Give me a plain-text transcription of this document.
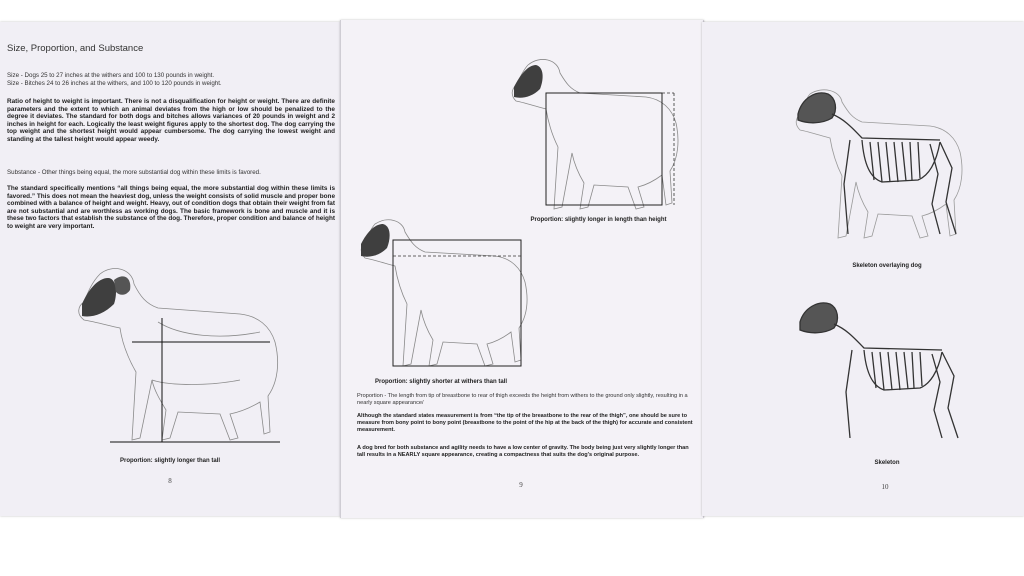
Size, Proportion, and Substance
Size - Dogs 25 to 27 inches at the withers and 100 to 130 pounds in weight.
Size - Bitches 24 to 26 inches at the withers, and 100 to 120 pounds in weight.
Ratio of height to weight is important. There is not a disqualification for height or weight. There are definite parameters and the extent to which an animal deviates from the high or low should be penalized to the degree it deviates. The standard for both dogs and bitches allows variances of 20 pounds in weight and 2 inches in height for each. Logically the least weight figures apply to the shortest dog. The dog carrying the top weight and the shortest height would appear cumbersome. The dog carrying the lowest weight and standing at the tallest height would appear weedy.
Substance - Other things being equal, the more substantial dog within these limits is favored.
The standard specifically mentions “all things being equal, the more substantial dog within these limits is favored.” This does not mean the heaviest dog, unless the weight consists of solid muscle and proper bone combined with a balance of height and weight. Heavy, out of condition dogs that obtain their weight from fat are not substantial and are worthless as working dogs. The basic framework is bone and muscle and it is these two factors that establish the substance of the dog. Therefore, proper condition and balance of height to weight are very important.
Proportion: slightly longer than tall
8
Proportion: slightly longer in length than height
Proportion: slightly shorter at withers than tall
Proportion - The length from tip of breastbone to rear of thigh exceeds the height from withers to the ground only slightly, resulting in a nearly square appearance/
Although the standard states measurement is from “the tip of the breastbone to the rear of the thigh”, one should be sure to measure from bony point to bony point (breastbone to the point of the hip at the back of the thigh) for accurate and consistent measurement.
A dog bred for both substance and agility needs to have a low center of gravity. The body being just very slightly longer than tall results in a NEARLY square appearance, creating a compactness that suits the dog's original purpose.
9
Skeleton overlaying dog
Skeleton
10
